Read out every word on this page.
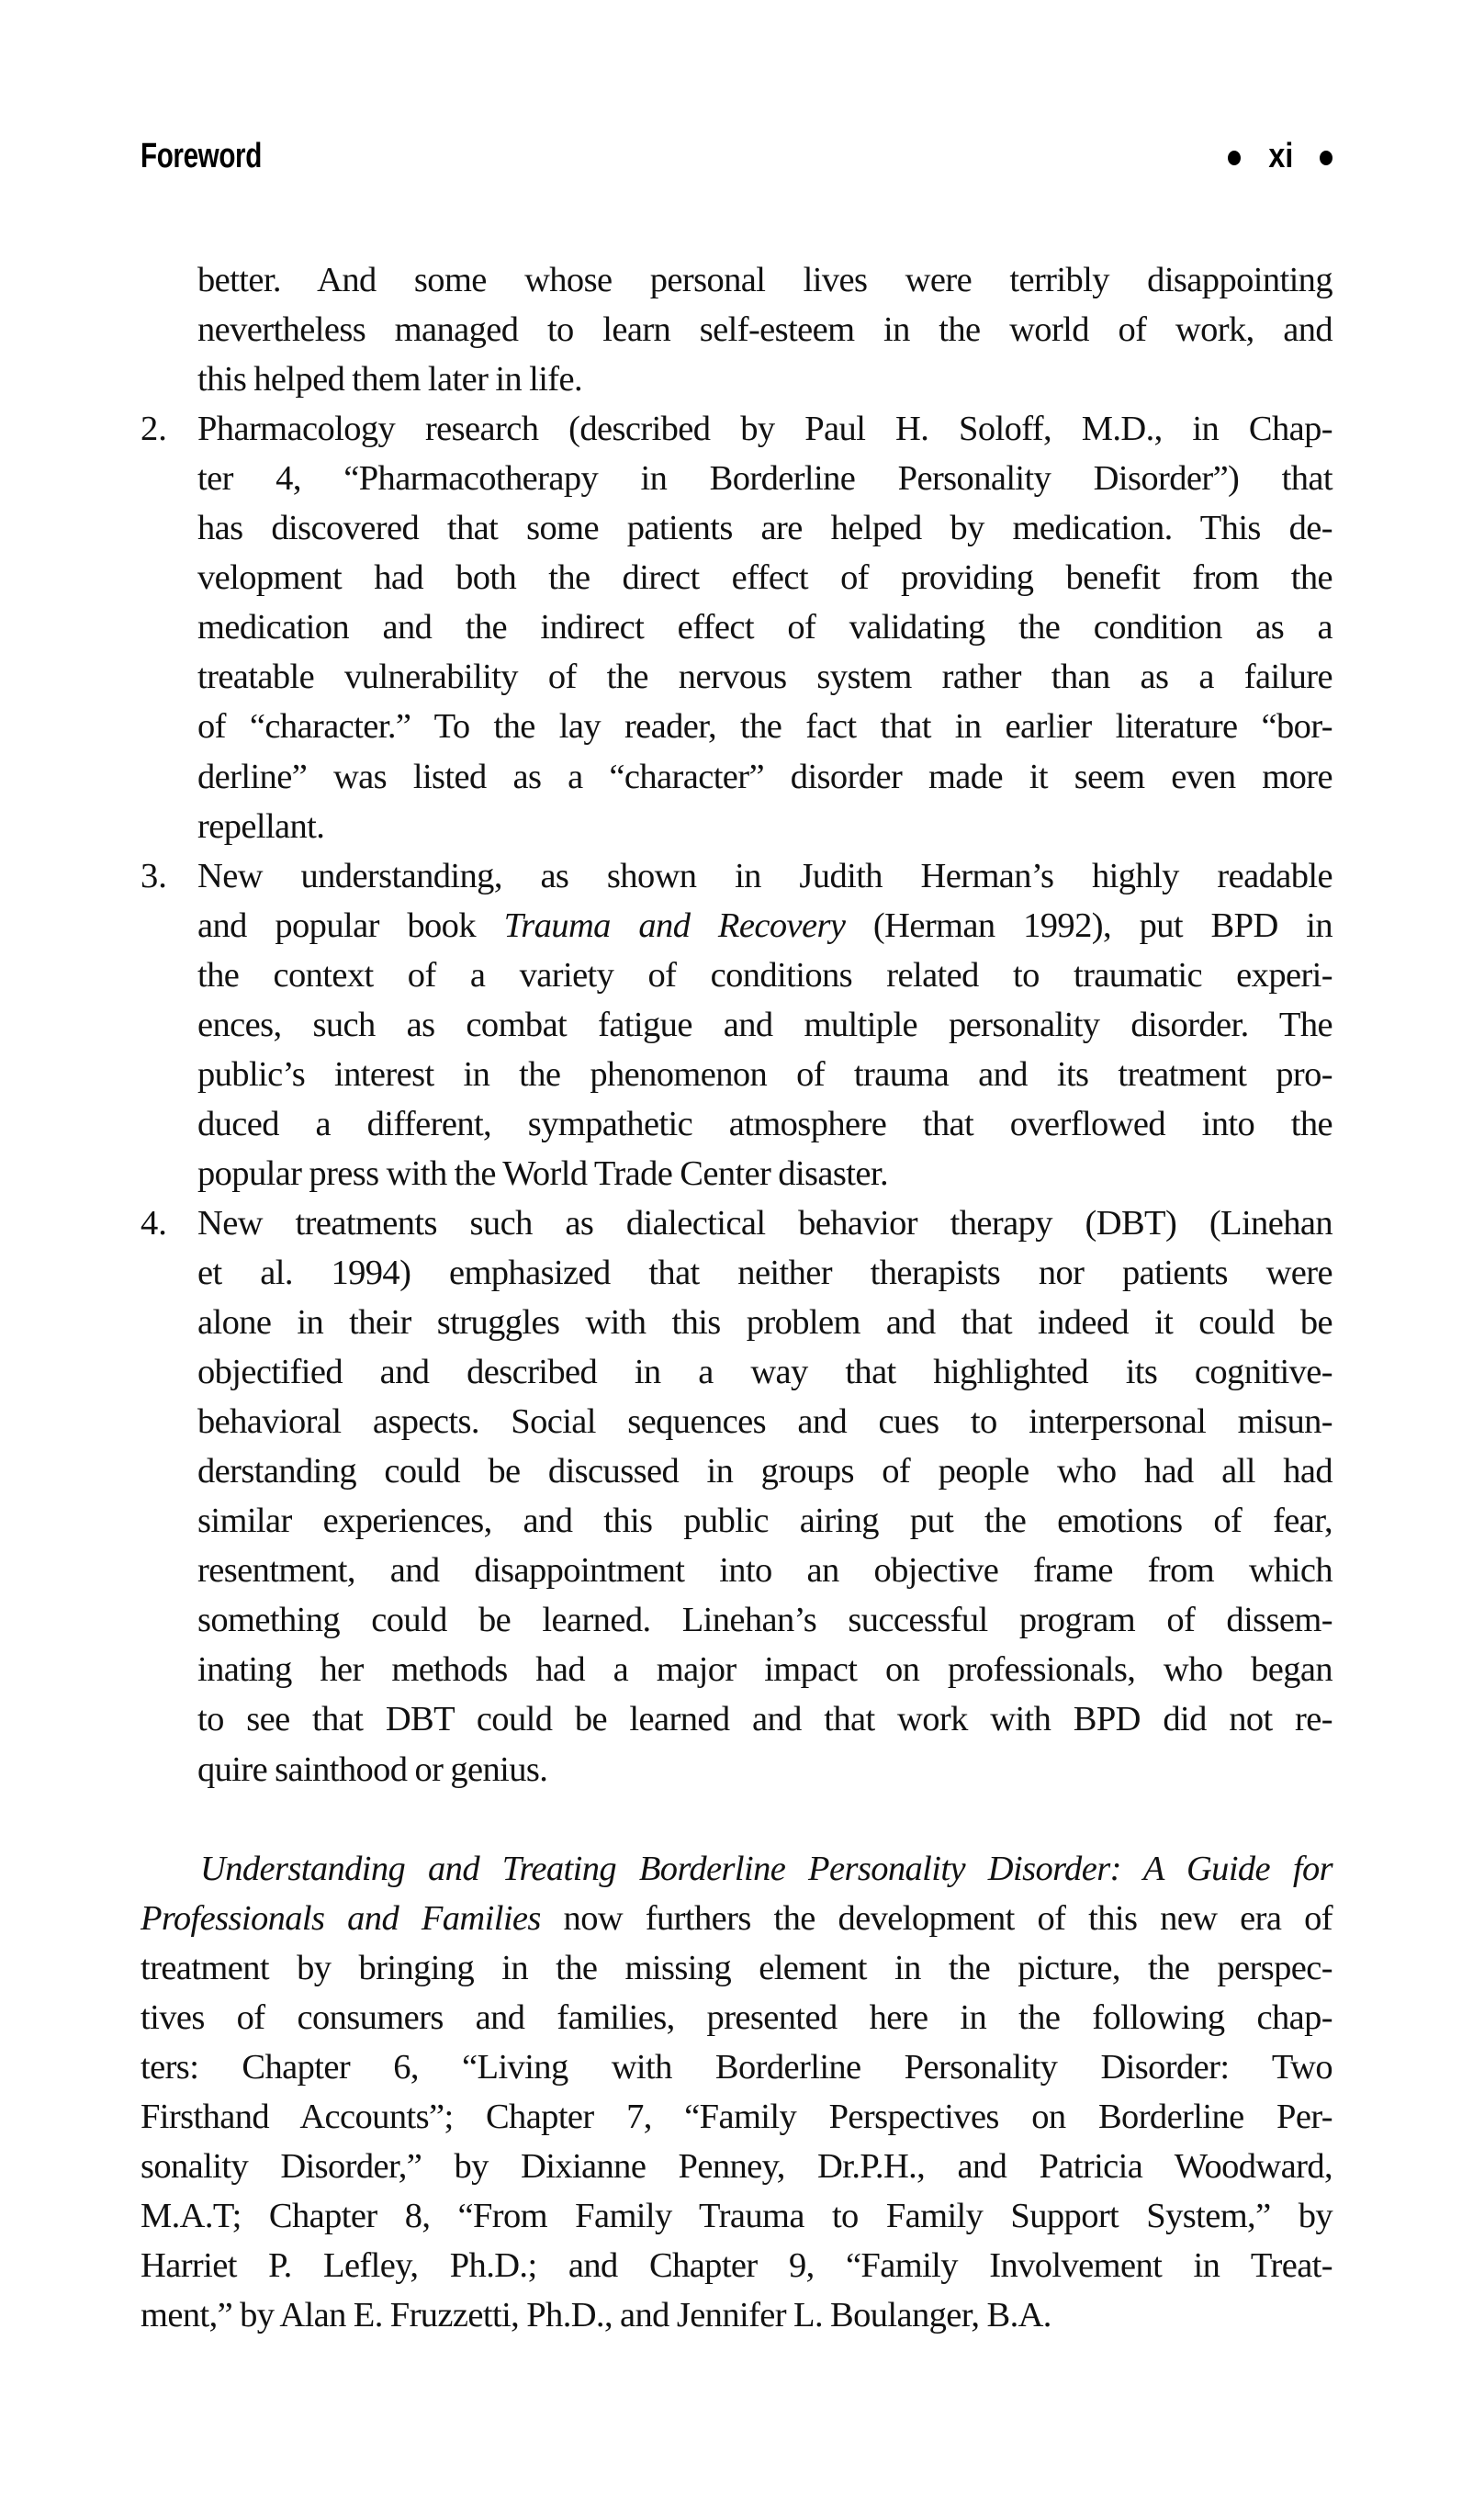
Foreword	xi
better. And some whose personal lives were terribly disappointing
nevertheless managed to learn self-esteem in the world of work, and
this helped them later in life.
2. Pharmacology research (described by Paul H. Soloff, M.D., in Chap-
ter 4, “Pharmacotherapy in Borderline Personality Disorder”) that
has discovered that some patients are helped by medication. This de-
velopment had both the direct effect of providing benefit from the
medication and the indirect effect of validating the condition as a
treatable vulnerability of the nervous system rather than as a failure
of “character.” To the lay reader, the fact that in earlier literature “bor-
derline” was listed as a “character” disorder made it seem even more
repellant.
3. New understanding, as shown in Judith Herman’s highly readable
and popular book Trauma and Recovery (Herman 1992), put BPD in
the context of a variety of conditions related to traumatic experi-
ences, such as combat fatigue and multiple personality disorder. The
public’s interest in the phenomenon of trauma and its treatment pro-
duced a different, sympathetic atmosphere that overflowed into the
popular press with the World Trade Center disaster.
4. New treatments such as dialectical behavior therapy (DBT) (Linehan
et al. 1994) emphasized that neither therapists nor patients were
alone in their struggles with this problem and that indeed it could be
objectified and described in a way that highlighted its cognitive-
behavioral aspects. Social sequences and cues to interpersonal misun-
derstanding could be discussed in groups of people who had all had
similar experiences, and this public airing put the emotions of fear,
resentment, and disappointment into an objective frame from which
something could be learned. Linehan’s successful program of dissem-
inating her methods had a major impact on professionals, who began
to see that DBT could be learned and that work with BPD did not re-
quire sainthood or genius.
Understanding and Treating Borderline Personality Disorder: A Guide for
Professionals and Families now furthers the development of this new era of
treatment by bringing in the missing element in the picture, the perspec-
tives of consumers and families, presented here in the following chap-
ters: Chapter 6, “Living with Borderline Personality Disorder: Two
Firsthand Accounts”; Chapter 7, “Family Perspectives on Borderline Per-
sonality Disorder,” by Dixianne Penney, Dr.P.H., and Patricia Woodward,
M.A.T; Chapter 8, “From Family Trauma to Family Support System,” by
Harriet P. Lefley, Ph.D.; and Chapter 9, “Family Involvement in Treat-
ment,” by Alan E. Fruzzetti, Ph.D., and Jennifer L. Boulanger, B.A.
